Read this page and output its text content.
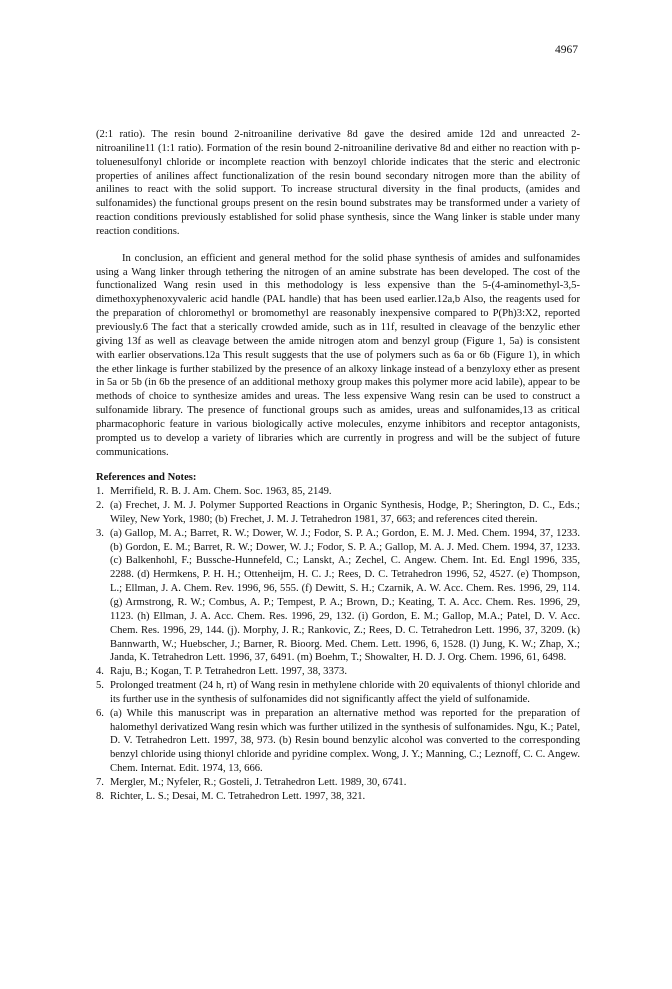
4967

(2:1 ratio). The resin bound 2-nitroaniline derivative 8d gave the desired amide 12d and unreacted 2-nitroaniline11 (1:1 ratio). Formation of the resin bound 2-nitroaniline derivative 8d and either no reaction with p-toluenesulfonyl chloride or incomplete reaction with benzoyl chloride indicates that the steric and electronic properties of anilines affect functionalization of the resin bound secondary nitrogen more than the ability of anilines to react with the solid support. To increase structural diversity in the final products, (amides and sulfonamides) the functional groups present on the resin bound substrates may be transformed under a variety of reaction conditions previously established for solid phase synthesis, since the Wang linker is stable under many reaction conditions.

In conclusion, an efficient and general method for the solid phase synthesis of amides and sulfonamides using a Wang linker through tethering the nitrogen of an amine substrate has been developed. The cost of the functionalized Wang resin used in this methodology is less expensive than the 5-(4-aminomethyl-3,5-dimethoxyphenoxyvaleric acid handle (PAL handle) that has been used earlier.12a,b Also, the reagents used for the preparation of chloromethyl or bromomethyl are reasonably inexpensive compared to P(Ph)3:X2, reported previously.6 The fact that a sterically crowded amide, such as in 11f, resulted in cleavage of the benzylic ether giving 13f as well as cleavage between the amide nitrogen atom and benzyl group (Figure 1, 5a) is consistent with earlier observations.12a This result suggests that the use of polymers such as 6a or 6b (Figure 1), in which the ether linkage is further stabilized by the presence of an alkoxy linkage instead of a benzyloxy ether as present in 5a or 5b (in 6b the presence of an additional methoxy group makes this polymer more acid labile), appear to be methods of choice to synthesize amides and ureas. The less expensive Wang resin can be used to construct a sulfonamide library. The presence of functional groups such as amides, ureas and sulfonamides,13 as critical pharmacophoric feature in various biologically active molecules, enzyme inhibitors and receptor antagonists, prompted us to develop a variety of libraries which are currently in progress and will be the subject of future communications.

References and Notes:
1. Merrifield, R. B. J. Am. Chem. Soc. 1963, 85, 2149.
2. (a) Frechet, J. M. J. Polymer Supported Reactions in Organic Synthesis, Hodge, P.; Sherington, D. C., Eds.; Wiley, New York, 1980; (b) Frechet, J. M. J. Tetrahedron 1981, 37, 663; and references cited therein.
3. (a) Gallop, M. A.; Barret, R. W.; Dower, W. J.; Fodor, S. P. A.; Gordon, E. M. J. Med. Chem. 1994, 37, 1233. (b) Gordon, E. M.; Barret, R. W.; Dower, W. J.; Fodor, S. P. A.; Gallop, M. A. J. Med. Chem. 1994, 37, 1233. (c) Balkenhohl, F.; Bussche-Hunnefeld, C.; Lanskt, A.; Zechel, C. Angew. Chem. Int. Ed. Engl 1996, 335, 2288. (d) Hermkens, P. H. H.; Ottenheijm, H. C. J.; Rees, D. C. Tetrahedron 1996, 52, 4527. (e) Thompson, L.; Ellman, J. A. Chem. Rev. 1996, 96, 555. (f) Dewitt, S. H.; Czarnik, A. W. Acc. Chem. Res. 1996, 29, 114. (g) Armstrong, R. W.; Combus, A. P.; Tempest, P. A.; Brown, D.; Keating, T. A. Acc. Chem. Res. 1996, 29, 1123. (h) Ellman, J. A. Acc. Chem. Res. 1996, 29, 132. (i) Gordon, E. M.; Gallop, M.A.; Patel, D. V. Acc. Chem. Res. 1996, 29, 144. (j). Morphy, J. R.; Rankovic, Z.; Rees, D. C. Tetrahedron Lett. 1996, 37, 3209. (k) Bannwarth, W.; Huebscher, J.; Barner, R. Bioorg. Med. Chem. Lett. 1996, 6, 1528. (l) Jung, K. W.; Zhap, X.; Janda, K. Tetrahedron Lett. 1996, 37, 6491. (m) Boehm, T.; Showalter, H. D. J. Org. Chem. 1996, 61, 6498.
4. Raju, B.; Kogan, T. P. Tetrahedron Lett. 1997, 38, 3373.
5. Prolonged treatment (24 h, rt) of Wang resin in methylene chloride with 20 equivalents of thionyl chloride and its further use in the synthesis of sulfonamides did not significantly affect the yield of sulfonamide.
6. (a) While this manuscript was in preparation an alternative method was reported for the preparation of halomethyl derivatized Wang resin which was further utilized in the synthesis of sulfonamides. Ngu, K.; Patel, D. V. Tetrahedron Lett. 1997, 38, 973. (b) Resin bound benzylic alcohol was converted to the corresponding benzyl chloride using thionyl chloride and pyridine complex. Wong, J. Y.; Manning, C.; Leznoff, C. C. Angew. Chem. Internat. Edit. 1974, 13, 666.
7. Mergler, M.; Nyfeler, R.; Gosteli, J. Tetrahedron Lett. 1989, 30, 6741.
8. Richter, L. S.; Desai, M. C. Tetrahedron Lett. 1997, 38, 321.
